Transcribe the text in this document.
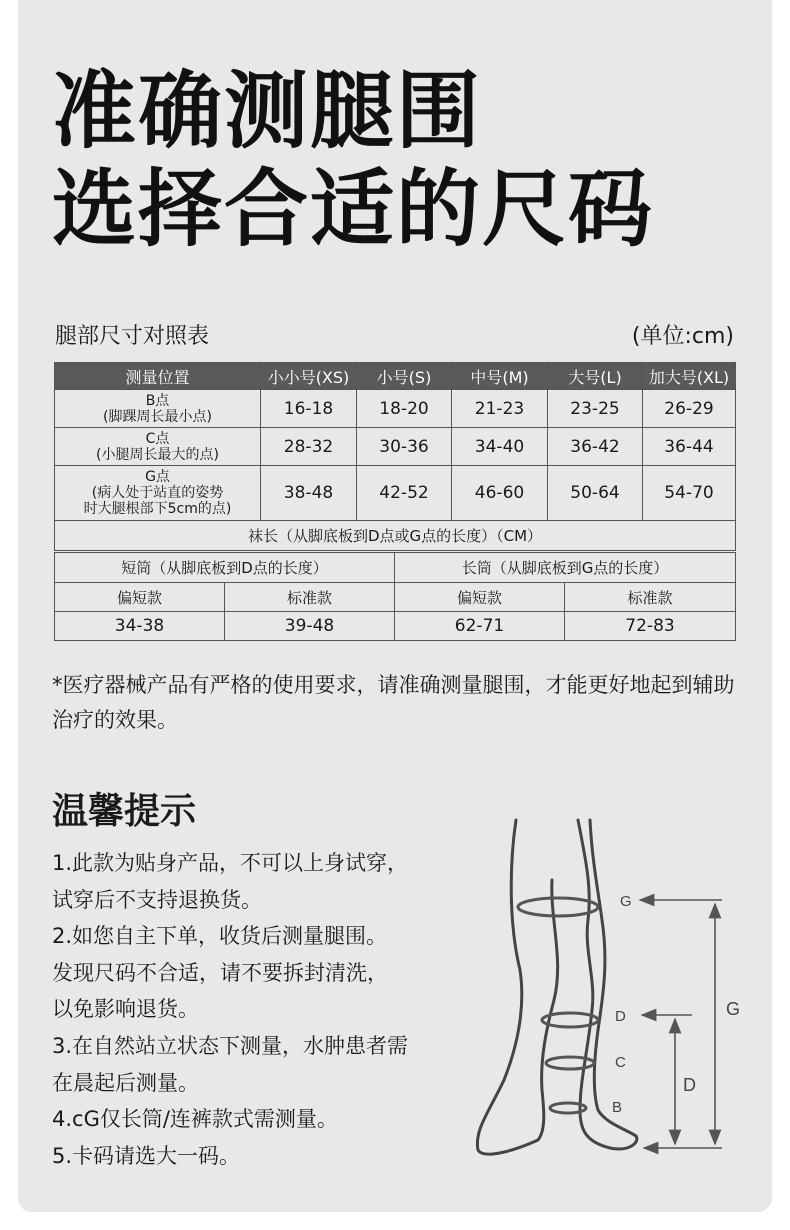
准确测腿围
选择合适的尺码
腿部尺寸对照表	(单位:cm)
测量位置	小小号(XS)	小号(S)	中号(M)	大号(L)	加大号(XL)

B点
(脚踝周长最小点)	16-18	18-20	21-23	23-25	26-29

C点
(小腿周长最大的点)	28-32	30-36	34-40	36-42	36-44

G点
(病人处于站直的姿势
时大腿根部下5cm的点)	38-48	42-52	46-60	50-64	54-70
袜长（从脚底板到D点或G点的长度）（CM）					
短筒（从脚底板到D点的长度）		长筒（从脚底板到G点的长度）	
偏短款	标准款	偏短款	标准款
34-38	39-48	62-71	72-83
*医疗器械产品有严格的使用要求，请准确测量腿围，才能更好地起到辅助治疗的效果。
温馨提示
1.此款为贴身产品，不可以上身试穿，
试穿后不支持退换货。
2.如您自主下单，收货后测量腿围。
发现尺码不合适，请不要拆封清洗，
以免影响退货。
3.在自然站立状态下测量，水肿患者需
在晨起后测量。
4.cG仅长筒/连裤款式需测量。
5.卡码请选大一码。
G
D
C
B
G
D
